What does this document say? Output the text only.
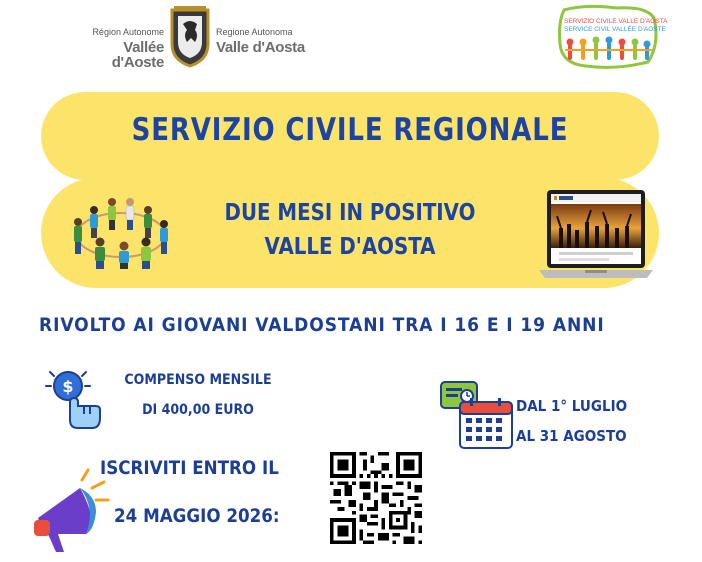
Région Autonome
Vallée d'Aoste
Regione Autonoma
Valle d'Aosta
SERVIZIO CIVILE VALLE D'AOSTA
SERVICE CIVIL VALLÉE D'AOSTE
SERVIZIO CIVILE REGIONALE
DUE MESI IN POSITIVO
VALLE D'AOSTA
RIVOLTO AI GIOVANI VALDOSTANI TRA I 16 E I 19 ANNI
$	COMPENSO MENSILE
DI 400,00 EURO	DAL 1° LUGLIO
AL 31 AGOSTO
ISCRIVITI ENTRO IL
24 MAGGIO 2026:
